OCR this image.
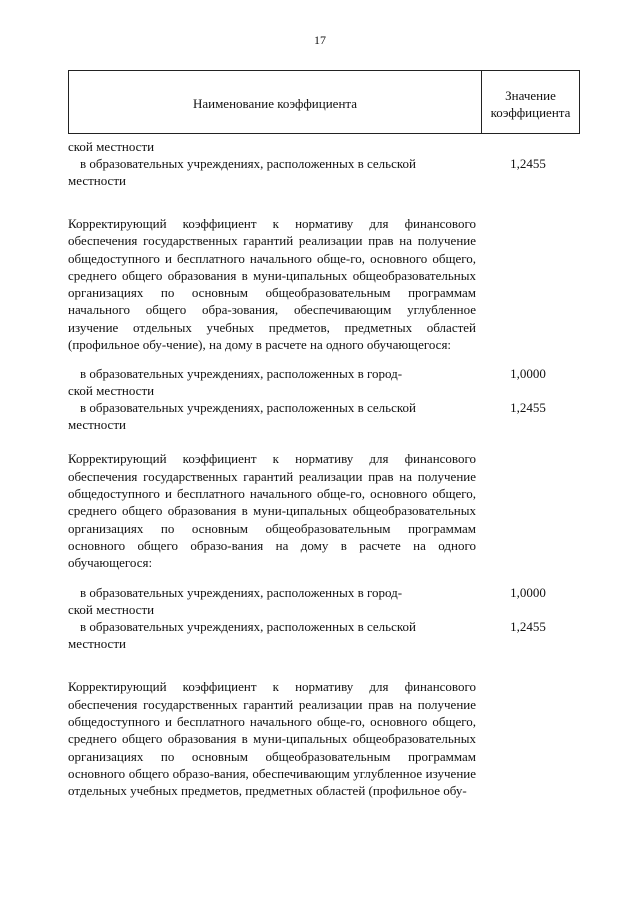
17
Наименование коэффициента
Значение
коэффициента
ской местности
в образовательных учреждениях, расположенных в сельской
местности
1,2455
Корректирующий коэффициент к нормативу для финансового обеспечения государственных гарантий реализации прав на получение общедоступного и бесплатного начального обще-го, основного общего, среднего общего образования в муни-ципальных общеобразовательных организациях по основным общеобразовательным программам начального общего обра-зования, обеспечивающим углубленное изучение отдельных учебных предметов, предметных областей (профильное обу-чение), на дому в расчете на одного обучающегося:
в образовательных учреждениях, расположенных в город-
ской местности
1,0000
в образовательных учреждениях, расположенных в сельской
местности
1,2455
Корректирующий коэффициент к нормативу для финансового обеспечения государственных гарантий реализации прав на получение общедоступного и бесплатного начального обще-го, основного общего, среднего общего образования в муни-ципальных общеобразовательных организациях по основным общеобразовательным программам основного общего образо-вания на дому в расчете на одного обучающегося:
в образовательных учреждениях, расположенных в город-
ской местности
1,0000
в образовательных учреждениях, расположенных в сельской
местности
1,2455
Корректирующий коэффициент к нормативу для финансового обеспечения государственных гарантий реализации прав на получение общедоступного и бесплатного начального обще-го, основного общего, среднего общего образования в муни-ципальных общеобразовательных организациях по основным общеобразовательным программам основного общего образо-вания, обеспечивающим углубленное изучение отдельных учебных предметов, предметных областей (профильное обу-
